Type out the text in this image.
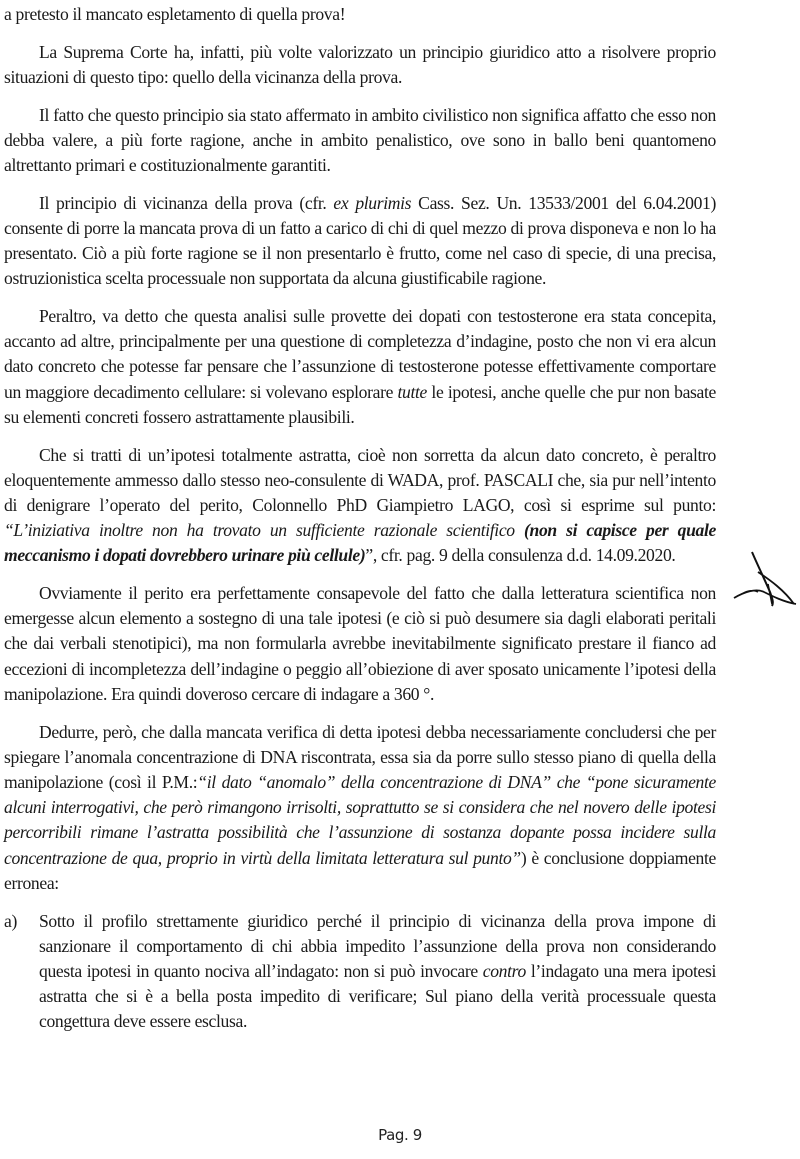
a pretesto il mancato espletamento di quella prova!

La Suprema Corte ha, infatti, più volte valorizzato un principio giuridico atto a risolvere proprio situazioni di questo tipo: quello della vicinanza della prova.

Il fatto che questo principio sia stato affermato in ambito civilistico non significa affatto che esso non debba valere, a più forte ragione, anche in ambito penalistico, ove sono in ballo beni quantomeno altrettanto primari e costituzionalmente garantiti.

Il principio di vicinanza della prova (cfr. ex plurimis Cass. Sez. Un. 13533/2001 del 6.04.2001) consente di porre la mancata prova di un fatto a carico di chi di quel mezzo di prova disponeva e non lo ha presentato. Ciò a più forte ragione se il non presentarlo è frutto, come nel caso di specie, di una precisa, ostruzionistica scelta processuale non supportata da alcuna giustificabile ragione.

Peraltro, va detto che questa analisi sulle provette dei dopati con testosterone era stata concepita, accanto ad altre, principalmente per una questione di completezza d’indagine, posto che non vi era alcun dato concreto che potesse far pensare che l’assunzione di testosterone potesse effettivamente comportare un maggiore decadimento cellulare: si volevano esplorare tutte le ipotesi, anche quelle che pur non basate su elementi concreti fossero astrattamente plausibili.

Che si tratti di un’ipotesi totalmente astratta, cioè non sorretta da alcun dato concreto, è peraltro eloquentemente ammesso dallo stesso neo-consulente di WADA, prof. PASCALI che, sia pur nell’intento di denigrare l’operato del perito, Colonnello PhD Giampietro LAGO, così si esprime sul punto: “L’iniziativa inoltre non ha trovato un sufficiente razionale scientifico (non si capisce per quale meccanismo i dopati dovrebbero urinare più cellule)”, cfr. pag. 9 della consulenza d.d. 14.09.2020.

Ovviamente il perito era perfettamente consapevole del fatto che dalla letteratura scientifica non emergesse alcun elemento a sostegno di una tale ipotesi (e ciò si può desumere sia dagli elaborati peritali che dai verbali stenotipici), ma non formularla avrebbe inevitabilmente significato prestare il fianco ad eccezioni di incompletezza dell’indagine o peggio all’obiezione di aver sposato unicamente l’ipotesi della manipolazione. Era quindi doveroso cercare di indagare a 360 °.

Dedurre, però, che dalla mancata verifica di detta ipotesi debba necessariamente concludersi che per spiegare l’anomala concentrazione di DNA riscontrata, essa sia da porre sullo stesso piano di quella della manipolazione (così il P.M.:“il dato “anomalo” della concentrazione di DNA” che “pone sicuramente alcuni interrogativi, che però rimangono irrisolti, soprattutto se si considera che nel novero delle ipotesi percorribili rimane l’astratta possibilità che l’assunzione di sostanza dopante possa incidere sulla concentrazione de qua, proprio in virtù della limitata letteratura sul punto”) è conclusione doppiamente erronea:

a)	Sotto il profilo strettamente giuridico perché il principio di vicinanza della prova impone di sanzionare il comportamento di chi abbia impedito l’assunzione della prova non considerando questa ipotesi in quanto nociva all’indagato: non si può invocare contro l’indagato una mera ipotesi astratta che si è a bella posta impedito di verificare; Sul piano della verità processuale questa congettura deve essere esclusa.
Pag. 9
